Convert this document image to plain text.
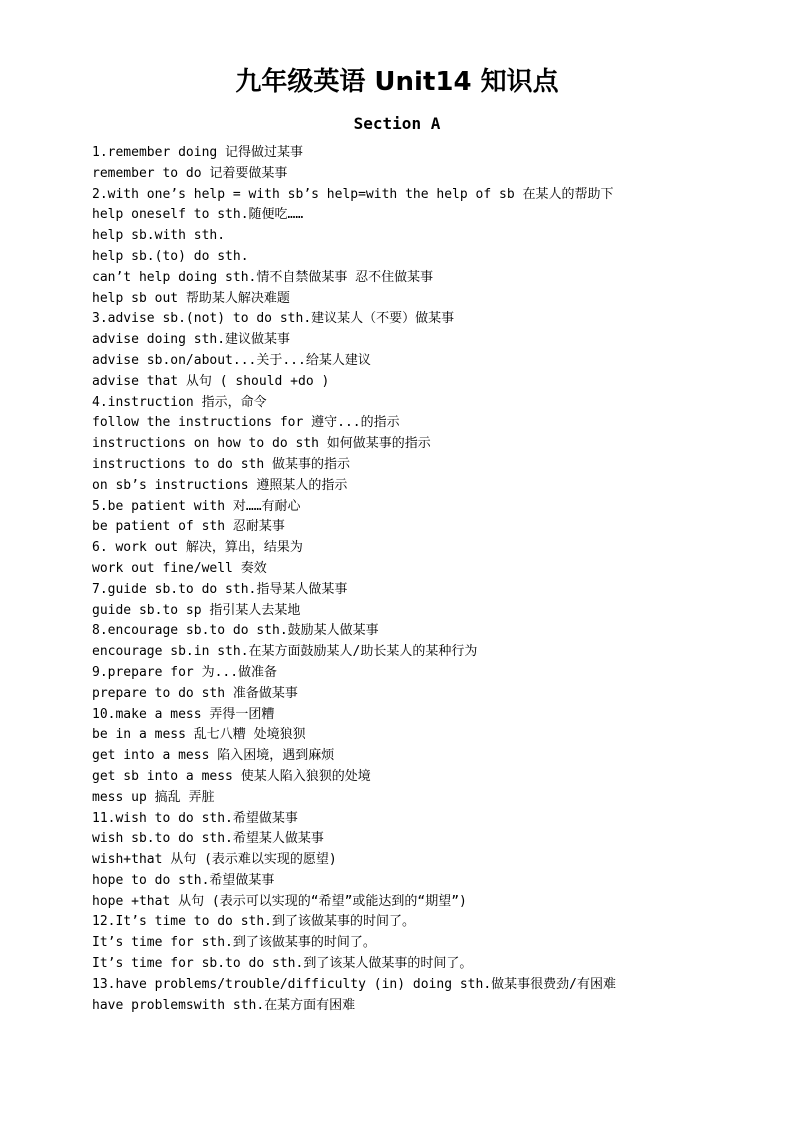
九年级英语 Unit14 知识点
Section A
1.remember doing 记得做过某事
remember to do 记着要做某事
2.with one’s help = with sb’s help=with the help of sb 在某人的帮助下
help oneself to sth.随便吃……
help sb.with sth.
help sb.(to) do sth.
can’t help doing sth.情不自禁做某事 忍不住做某事
help sb out 帮助某人解决难题
3.advise sb.(not) to do sth.建议某人（不要）做某事
advise doing sth.建议做某事
advise sb.on/about...关于...给某人建议
advise that 从句 ( should +do )
4.instruction 指示，命令
follow the instructions for 遵守...的指示
instructions on how to do sth 如何做某事的指示
instructions to do sth 做某事的指示
on sb’s instructions 遵照某人的指示
5.be patient with 对……有耐心
be patient of sth 忍耐某事
6. work out 解决，算出，结果为
work out fine/well 奏效
7.guide sb.to do sth.指导某人做某事
guide sb.to sp 指引某人去某地
8.encourage sb.to do sth.鼓励某人做某事
encourage sb.in sth.在某方面鼓励某人/助长某人的某种行为
9.prepare for 为...做准备
prepare to do sth 准备做某事
10.make a mess 弄得一团糟
be in a mess 乱七八糟 处境狼狈
get into a mess 陷入困境，遇到麻烦
get sb into a mess 使某人陷入狼狈的处境
mess up 搞乱 弄脏
11.wish to do sth.希望做某事
wish sb.to do sth.希望某人做某事
wish+that 从句 (表示难以实现的愿望)
hope to do sth.希望做某事
hope +that 从句 (表示可以实现的“希望”或能达到的“期望”)
12.It’s time to do sth.到了该做某事的时间了。
It’s time for sth.到了该做某事的时间了。
It’s time for sb.to do sth.到了该某人做某事的时间了。
13.have problems/trouble/difficulty (in) doing sth.做某事很费劲/有困难
have problemswith sth.在某方面有困难
